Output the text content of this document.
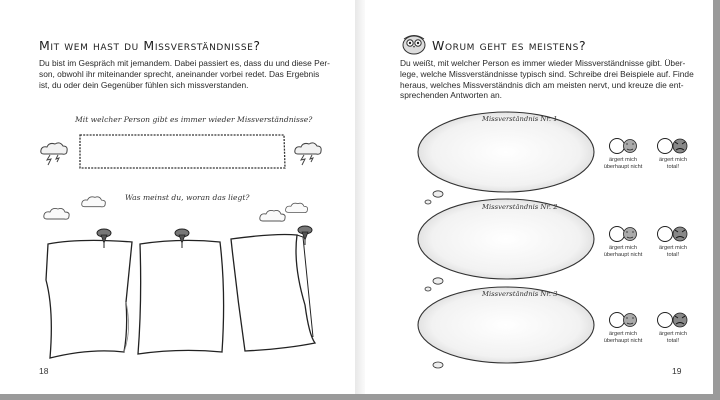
Mit wem hast du Missverständnisse?
Du bist im Gespräch mit jemandem. Dabei passiert es, dass du und diese Per-
son, obwohl ihr miteinander sprecht, aneinander vorbei redet. Das Ergebnis
ist, du oder dein Gegenüber fühlen sich missverstanden.
Mit welcher Person gibt es immer wieder Missverständnisse?
Was meinst du, woran das liegt?
18
Worum geht es meistens?
Du weißt, mit welcher Person es immer wieder Missverständnisse gibt. Über-
lege, welche Missverständnisse typisch sind. Schreibe drei Beispiele auf. Finde
heraus, welches Missverständnis dich am meisten nervt, und kreuze die ent-
sprechenden Antworten an.
Missverständnis Nr. 1
Missverständnis Nr. 2
Missverständnis Nr. 3
ärgert mich
überhaupt nicht
ärgert mich
total!
ärgert mich
überhaupt nicht
ärgert mich
total!
ärgert mich
überhaupt nicht
ärgert mich
total!
19
